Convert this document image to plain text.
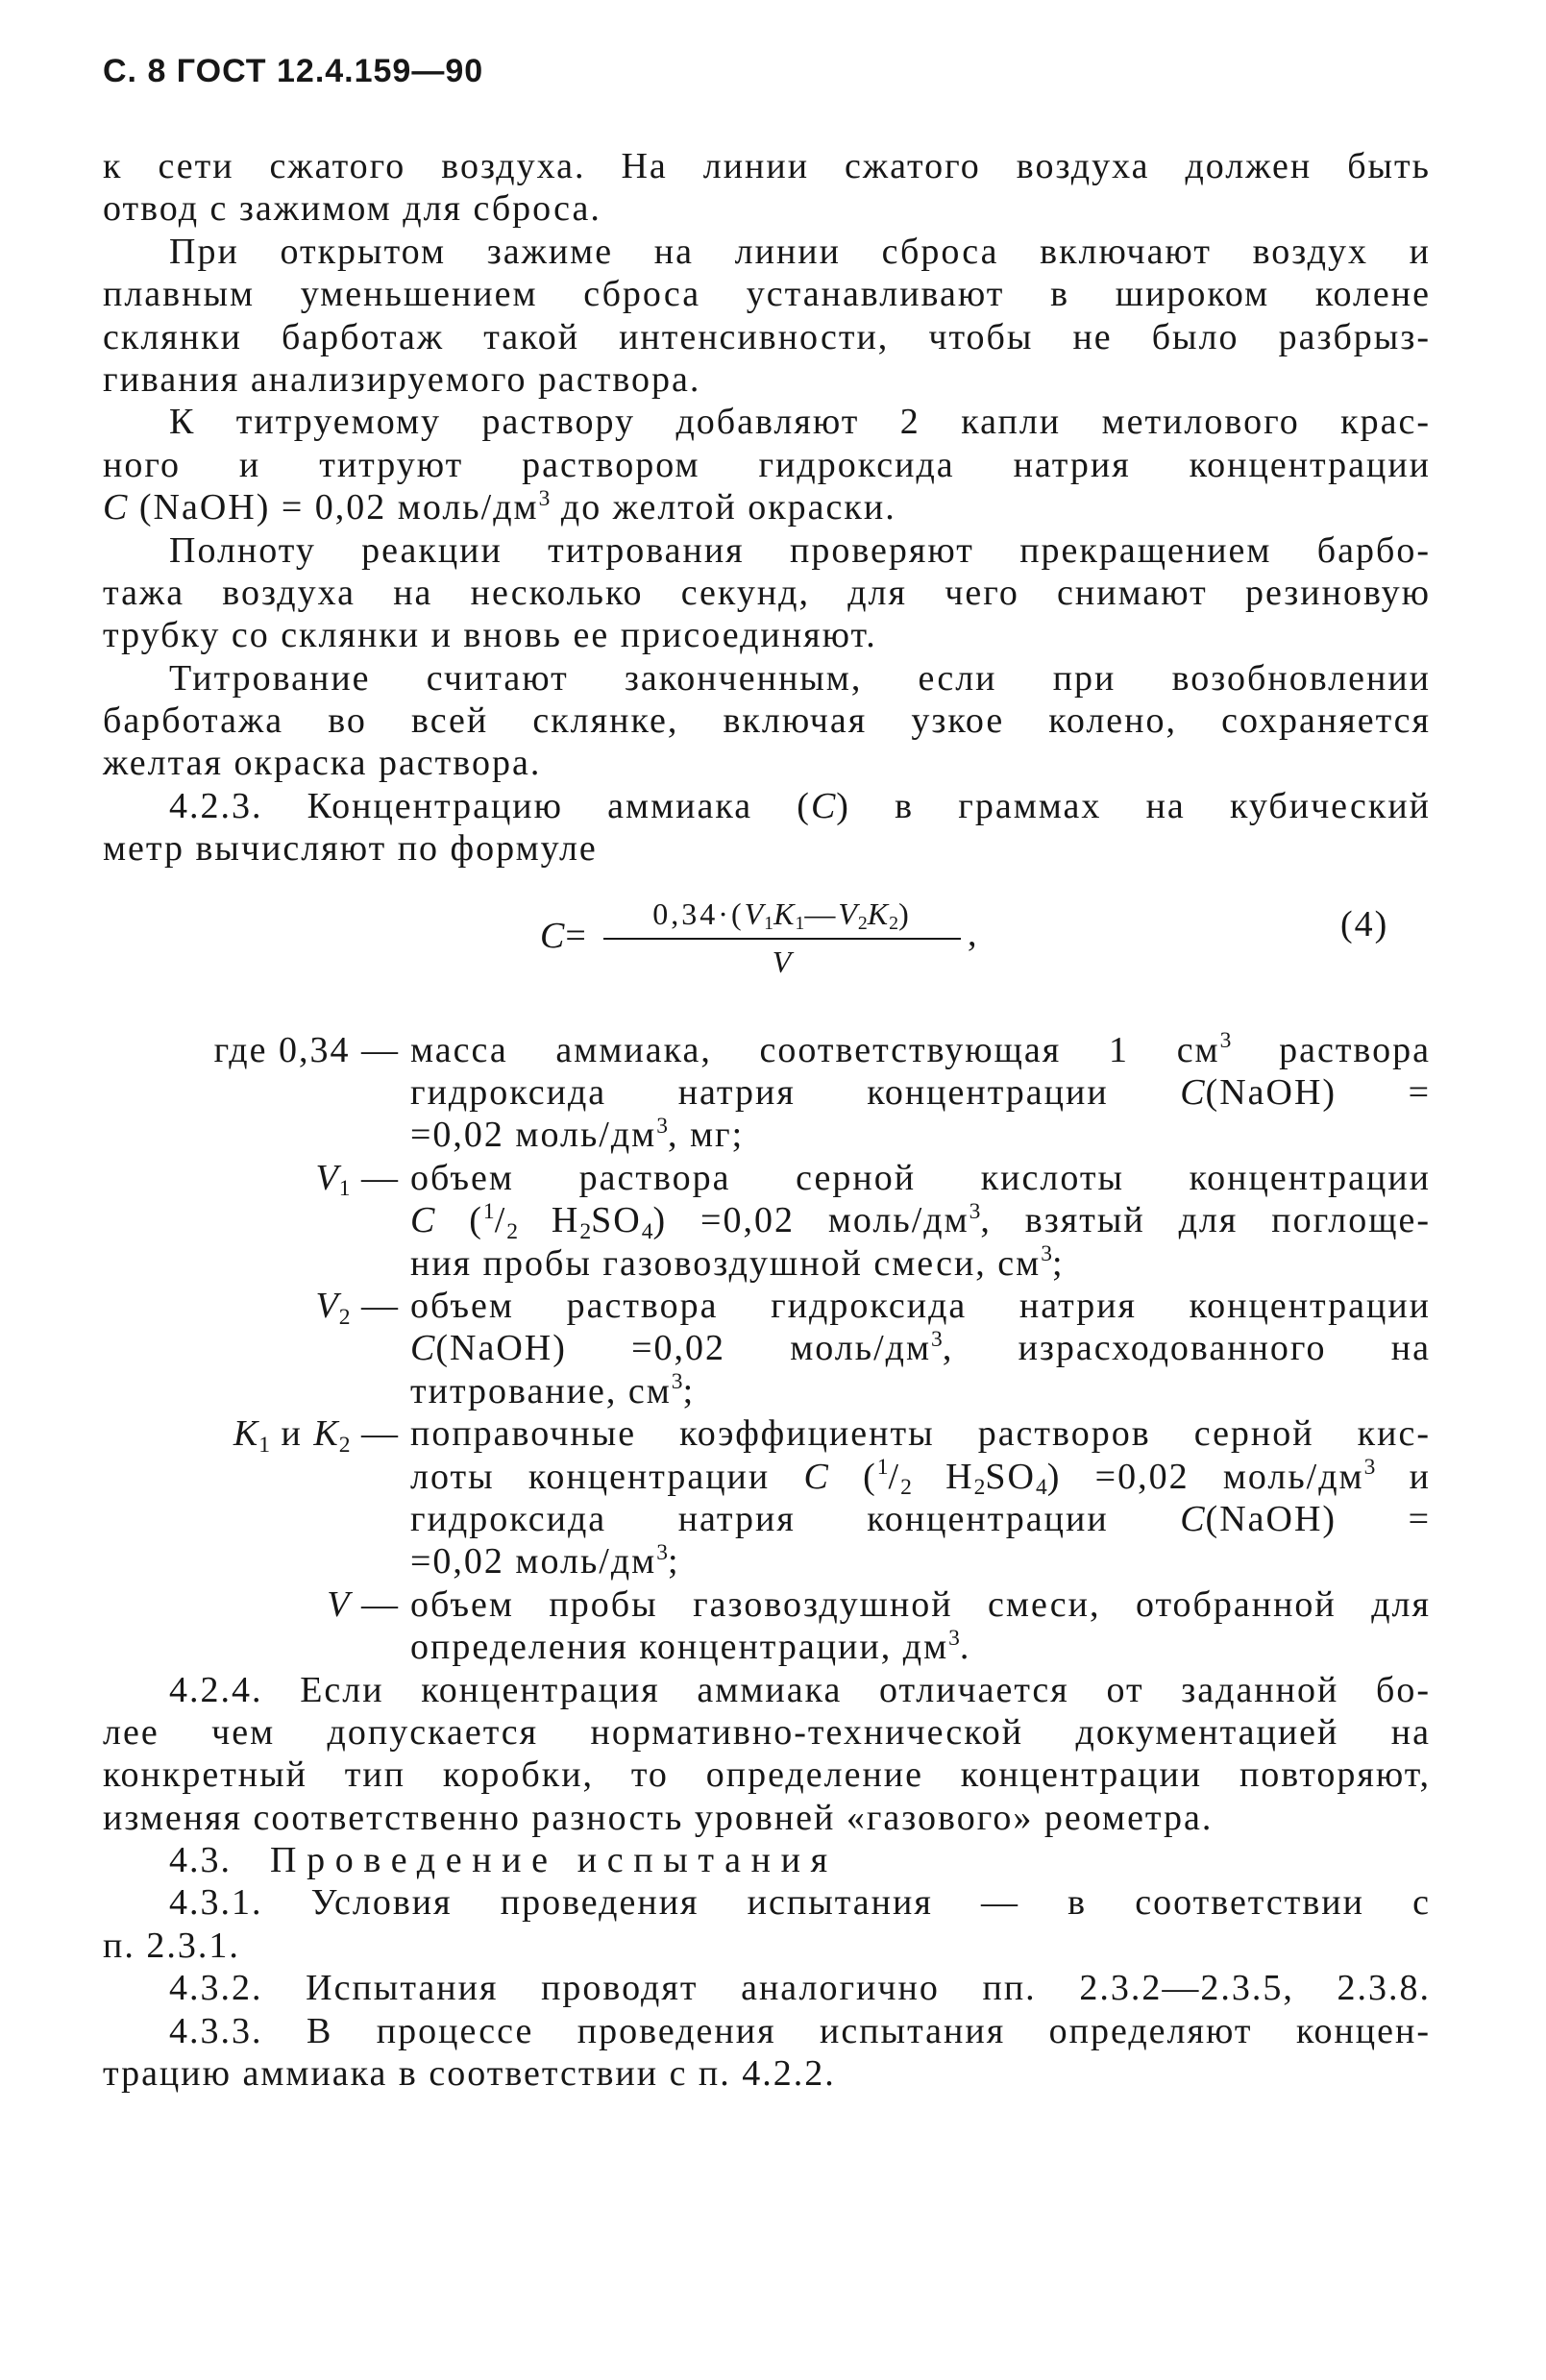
С. 8 ГОСТ 12.4.159—90
к сети сжатого воздуха. На линии сжатого воздуха должен быть
отвод с зажимом для сброса.
При открытом зажиме на линии сброса включают воздух и
плавным уменьшением сброса устанавливают в широком колене
склянки барботаж такой интенсивности, чтобы не было разбрыз-
гивания анализируемого раствора.
К титруемому раствору добавляют 2 капли метилового крас-
ного и титруют раствором гидроксида натрия концентрации
C (NaOH) = 0,02 моль/$дм^3$ до желтой окраски.
Полноту реакции титрования проверяют прекращением барбо-
тажа воздуха на несколько секунд, для чего снимают резиновую
трубку со склянки и вновь ее присоединяют.
Титрование считают законченным, если при возобновлении
барботажа во всей склянке, включая узкое колено, сохраняется
желтая окраска раствора.
4.2.3. Концентрацию аммиака (C) в граммах на кубический
метр вычисляют по формуле
C=
$0,34\cdot(V_1K_1—V_2K_2)$
V
,	(4)
где 0,34 — масса аммиака, соответствующая 1 $см^3$ раствора
гидроксида натрия концентрации C(NaOH) =
=0,02 моль/$дм^3$, мг;
$V_1$ — объем раствора серной кислоты концентрации
C ($^1/_2$ $H_2SO_4) =0,02$ моль/$дм^3$, взятый для поглоще-
ния пробы газовоздушной смеси, $см^3$;
$V_2$ — объем раствора гидроксида натрия концентрации
C(NaOH) =0,02 моль/$дм^3$, израсходованного на
титрование, $см^3$;
$K_1$ и $K_2$ — поправочные коэффициенты растворов серной кис-
лоты концентрации C ($^1/_2$ $H_2SO_4) =0,02$ моль/$дм^3$ и
гидроксида натрия концентрации C(NaOH) =
=0,02 моль/$дм^3$;
V — объем пробы газовоздушной смеси, отобранной для
определения концентрации, $дм^3$.
4.2.4. Если концентрация аммиака отличается от заданной бо-
лее чем допускается нормативно-технической документацией на
конкретный тип коробки, то определение концентрации повторяют,
изменяя соответственно разность уровней «газового» реометра.
4.3. Проведение испытания
4.3.1. Условия проведения испытания — в соответствии с
п. 2.3.1.
4.3.2. Испытания проводят аналогично пп. 2.3.2—2.3.5, 2.3.8.
4.3.3. В процессе проведения испытания определяют концен-
трацию аммиака в соответствии с п. 4.2.2.
